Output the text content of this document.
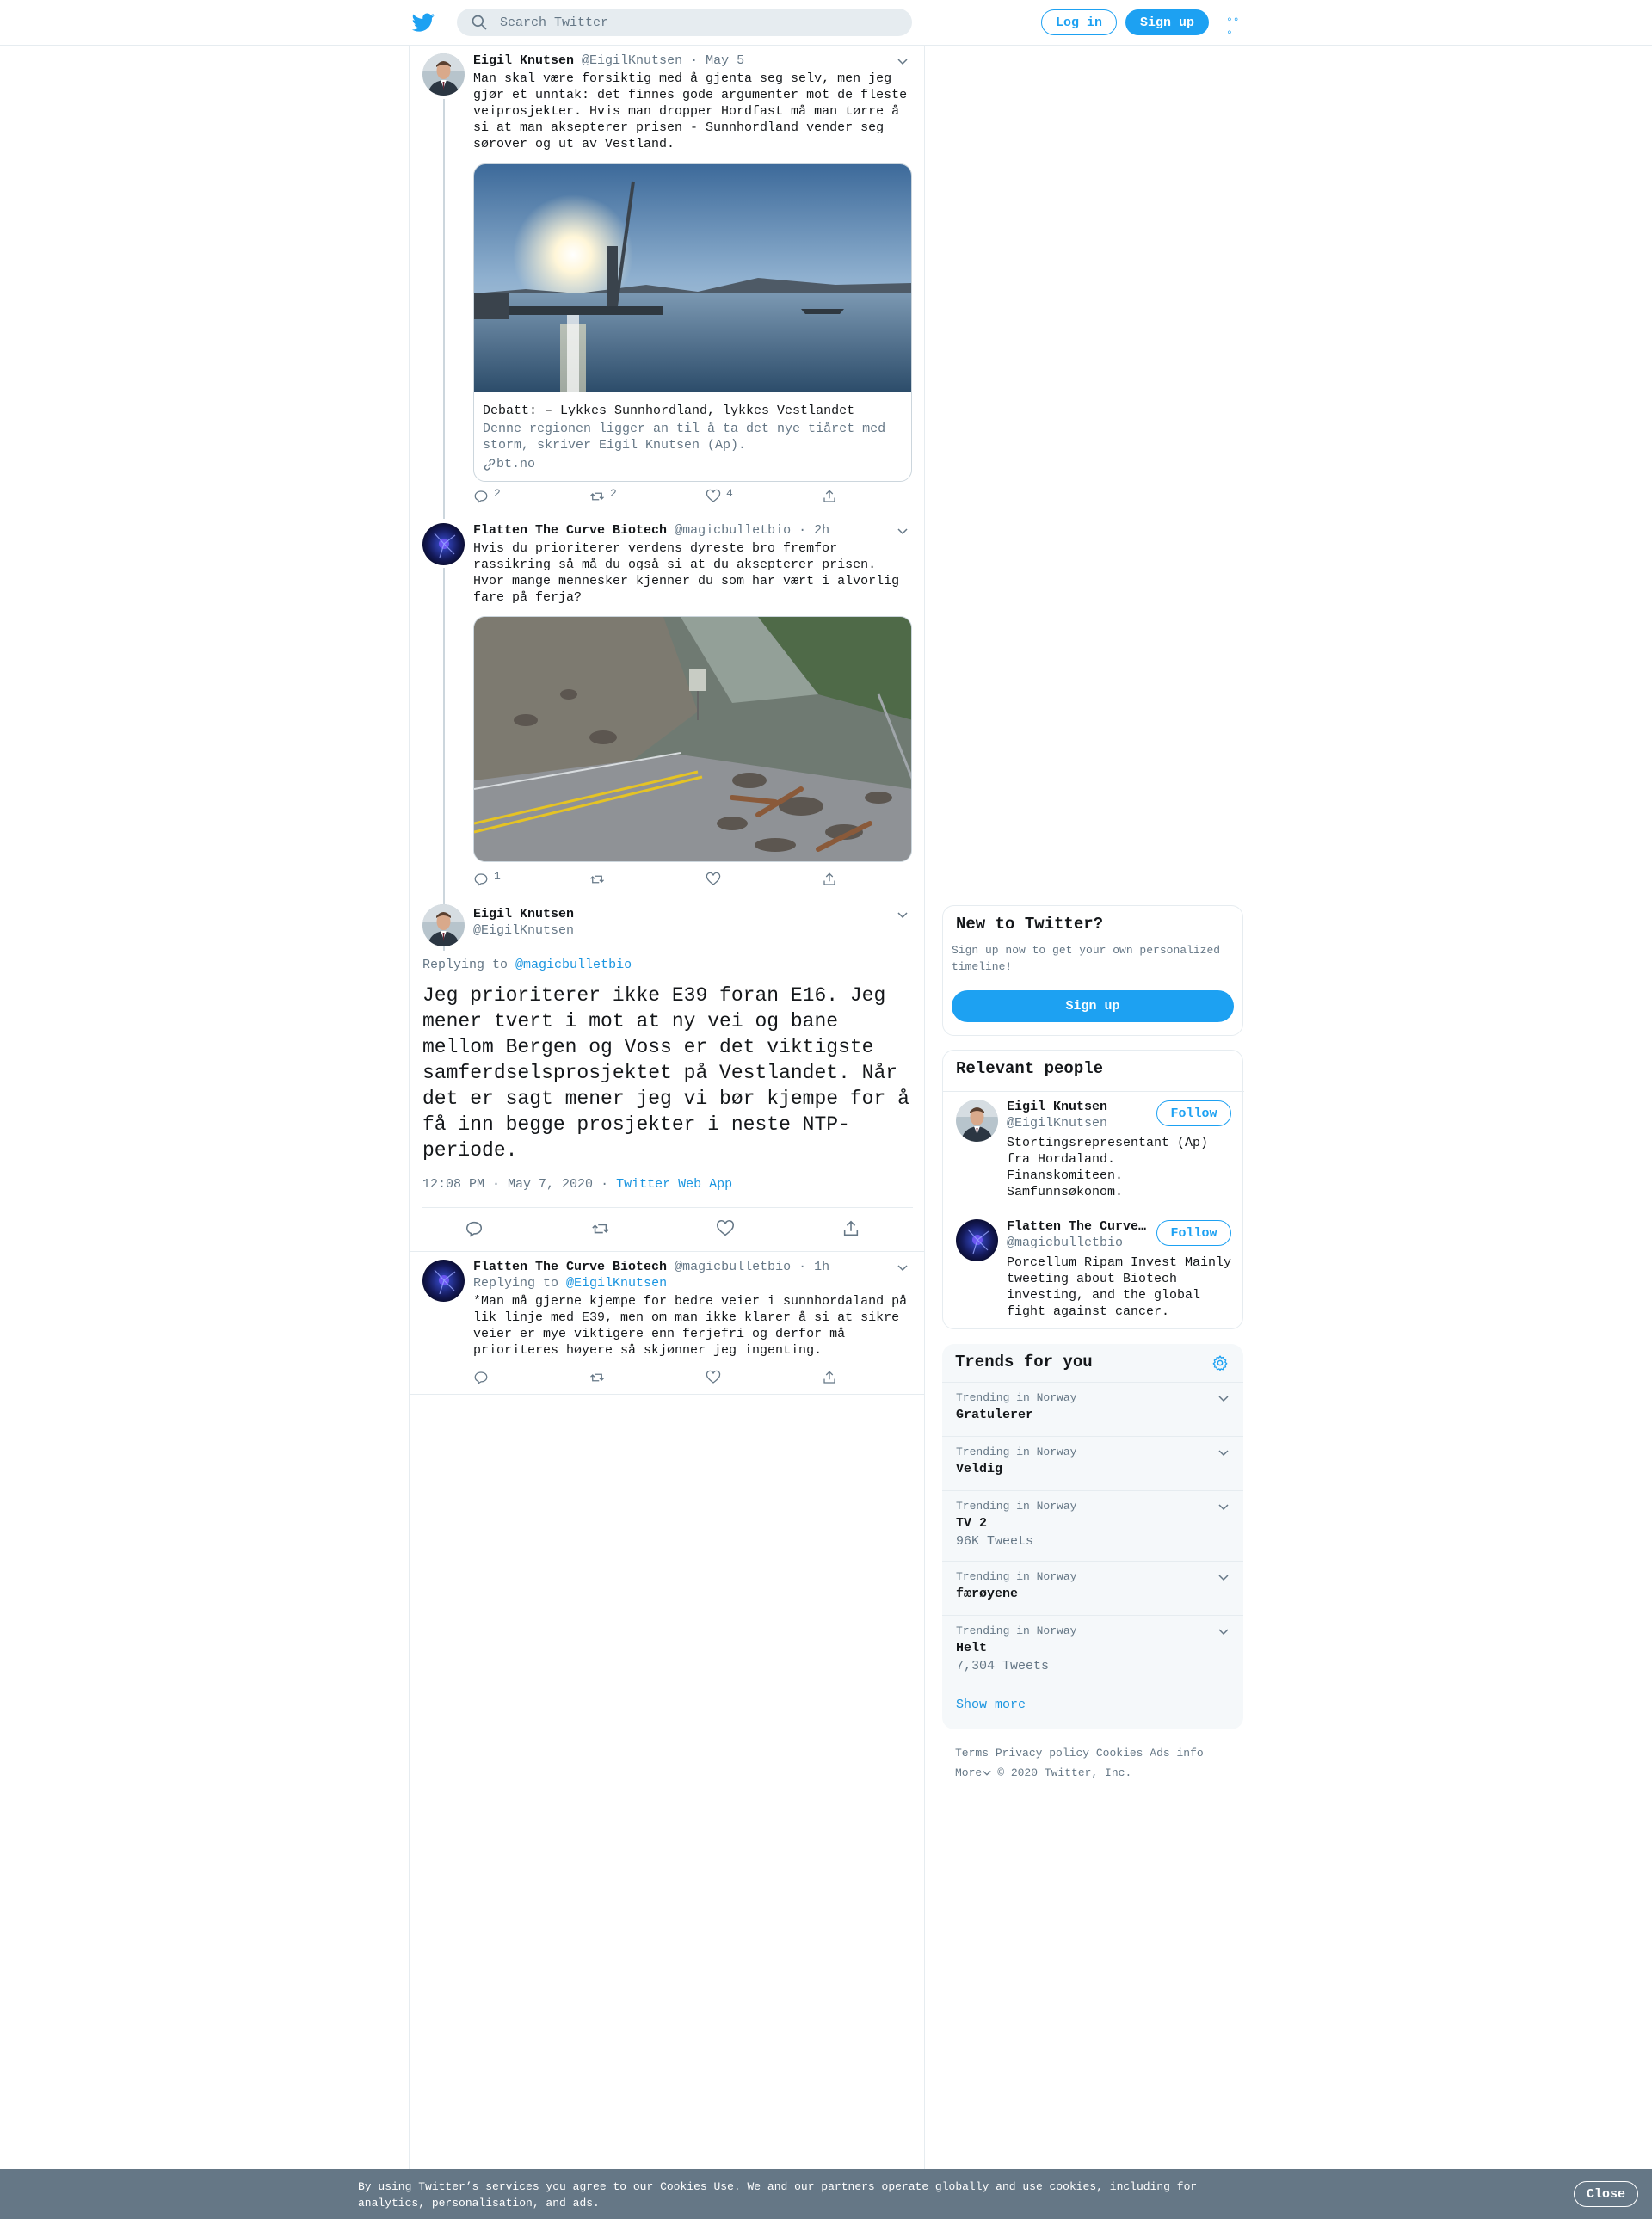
Search Twitter
Log in	Sign up	°°°
Eigil Knutsen @EigilKnutsen · May 5
Man skal være forsiktig med å gjenta seg selv, men jeg gjør et unntak: det finnes gode argumenter mot de fleste veiprosjekter. Hvis man dropper Hordfast må man tørre å si at man aksepterer prisen - Sunnhordland vender seg sørover og ut av Vestland.
Debatt: – Lykkes Sunnhordland, lykkes Vestlandet
Denne regionen ligger an til å ta det nye tiåret med storm, skriver Eigil Knutsen (Ap).
bt.no
2	2	4
Flatten The Curve Biotech @magicbulletbio · 2h
Hvis du prioriterer verdens dyreste bro fremfor rassikring så må du også si at du aksepterer prisen. Hvor mange mennesker kjenner du som har vært i alvorlig fare på ferja?
1
Eigil Knutsen
@EigilKnutsen
Replying to @magicbulletbio
Jeg prioriterer ikke E39 foran E16. Jeg mener tvert i mot at ny vei og bane mellom Bergen og Voss er det viktigste samferdselsprosjektet på Vestlandet. Når det er sagt mener jeg vi bør kjempe for å få inn begge prosjekter i neste NTP-periode.
12:08 PM · May 7, 2020 · Twitter Web App
Flatten The Curve Biotech @magicbulletbio · 1h
Replying to @EigilKnutsen
*Man må gjerne kjempe for bedre veier i sunnhordaland på lik linje med E39, men om man ikke klarer å si at sikre veier er mye viktigere enn ferjefri og derfor må prioriteres høyere så skjønner jeg ingenting.
New to Twitter?
Sign up now to get your own personalized timeline!
Sign up
Relevant people
Eigil Knutsen
@EigilKnutsen
Follow
Stortingsrepresentant (Ap) fra Hordaland. Finanskomiteen. Samfunnsøkonom.
Flatten The Curve…
@magicbulletbio
Follow
Porcellum Ripam Invest Mainly tweeting about Biotech investing, and the global fight against cancer.
Trends for you
Trending in Norway
Gratulerer
Trending in Norway
Veldig
Trending in Norway
TV 2
96K Tweets
Trending in Norway
færøyene
Trending in Norway
Helt
7,304 Tweets
Show more
Terms Privacy policy Cookies Ads info
More © 2020 Twitter, Inc.
By using Twitter’s services you agree to our Cookies Use. We and our partners operate globally and use cookies, including for analytics, personalisation, and ads.
Close
